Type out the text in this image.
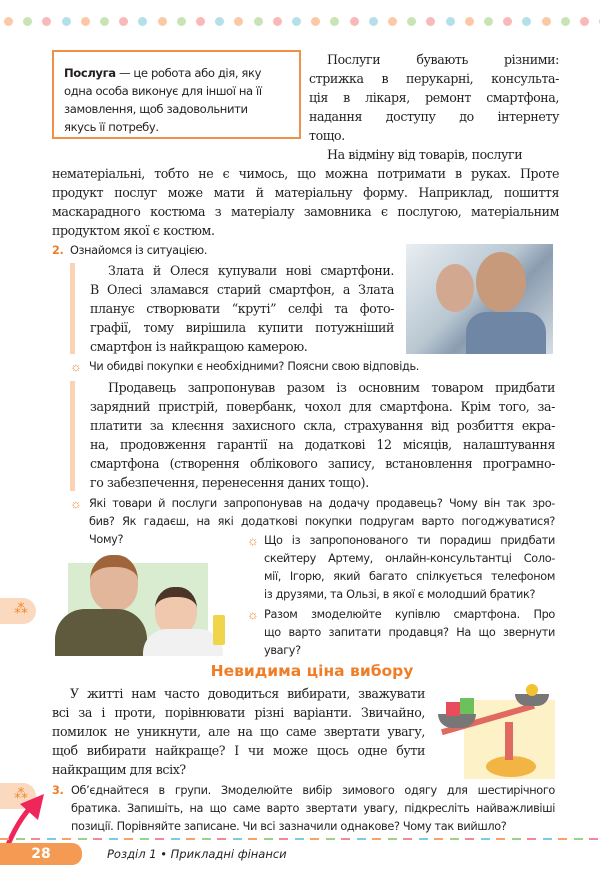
⁂
⁂
Послуга — це робота або дія, яку
одна особа виконує для іншої на її
замовлення, щоб задовольнити
якусь її потребу.
Послуги бувають різними:
стрижка в перукарні, консульта-
ція в лікаря, ремонт смартфона,
надання доступу до інтернету
тощо.
На відміну від товарів, послуги
нематеріальні, тобто не є чимось, що можна потримати в руках. Проте
продукт послуг може мати й матеріальну форму. Наприклад, пошиття
маскарадного костюма з матеріалу замовника є послугою, матеріальним
продуктом якої є костюм.
2. Ознайомся із ситуацією.
Злата й Олеся купували нові смартфони.
В Олесі зламався старий смартфон, а Злата
планує створювати “круті” селфі та фото-
графії, тому вирішила купити потужніший
смартфон із найкращою камерою.
☼ Чи обидві покупки є необхідними? Поясни свою відповідь.
Продавець запропонував разом із основним товаром придбати
зарядний пристрій, повербанк, чохол для смартфона. Крім того, за-
платити за клеєння захисного скла, страхування від розбиття екра-
на, продовження гарантії на додаткові 12 місяців, налаштування
смартфона (створення облікового запису, встановлення програмно-
го забезпечення, перенесення даних тощо).
☼ Які товари й послуги запропонував на додачу продавець? Чому він так зро-
бив? Як гадаєш, на які додаткові покупки подругам варто погоджуватися?
Чому?	☼ Що із запропонованого ти порадиш придбати
скейтеру Артему, онлайн-консультантці Соло-
мії, Ігорю, який багато спілкується телефоном
із друзями, та Ользі, в якої є молодший братик?
☼ Разом змоделюйте купівлю смартфона. Про
що варто запитати продавця? На що звернути
увагу?
Невидима ціна вибору
У житті нам часто доводиться вибирати, зважувати
всі за і проти, порівнювати різні варіанти. Звичайно,
помилок не уникнути, але на що саме звертати увагу,
щоб вибирати найкраще? І чи може щось одне бути
найкращим для всіх?
3. Об’єднайтеся в групи. Змоделюйте вибір зимового одягу для шестирічного
братика. Запишіть, на що саме варто звертати увагу, підкресліть найважливіші
позиції. Порівняйте записане. Чи всі зазначили однакове? Чому так вийшло?
28	Розділ 1 • Прикладні фінанси
